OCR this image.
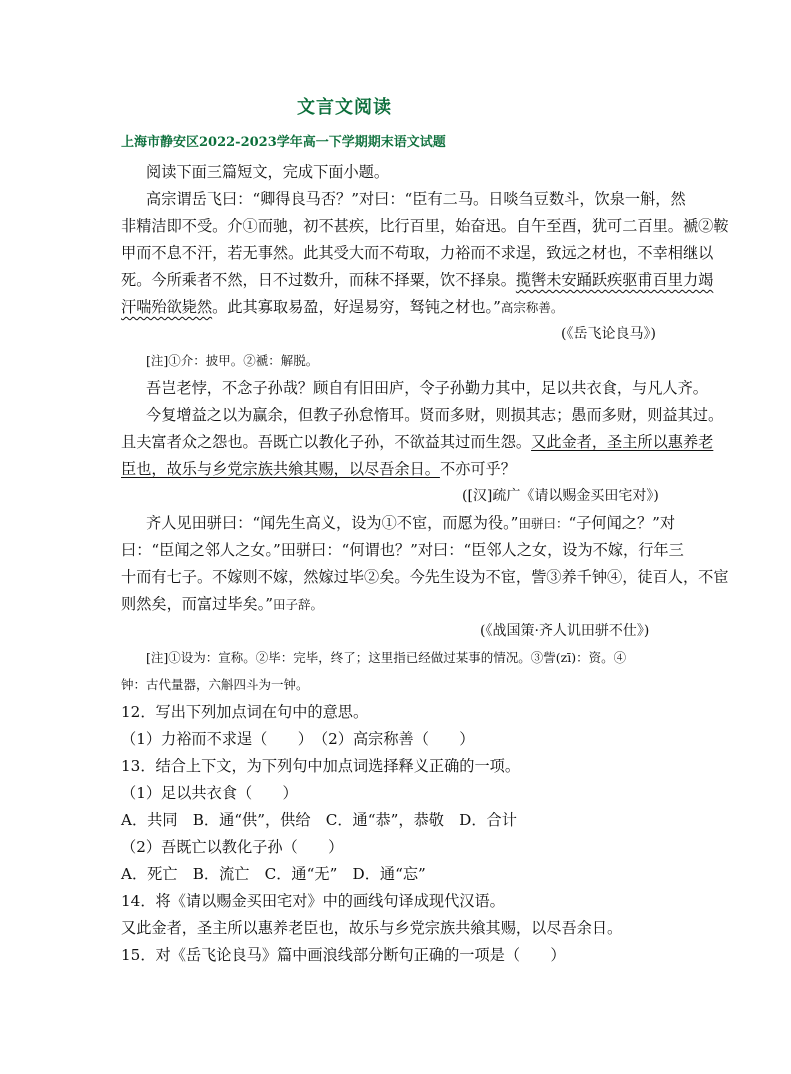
文言文阅读
上海市静安区2022-2023学年高一下学期期末语文试题
阅读下面三篇短文，完成下面小题。
高宗谓岳飞曰：“卿得良马否？”对曰：“臣有二马。日啖刍豆数斗，饮泉一斛，然
非精洁即不受。介①而驰，初不甚疾，比行百里，始奋迅。自午至酉，犹可二百里。褫②鞍
甲而不息不汗，若无事然。此其受大而不苟取，力裕而不求逞，致远之材也，不幸相继以
死。今所乘者不然，日不过数升，而秣不择粟，饮不择泉。揽辔未安踊跃疾驱甫百里力竭
汗喘殆欲毙然。此其寡取易盈，好逞易穷，驽钝之材也。”高宗称善。
(《岳飞论良马》)
[注]①介：披甲。②褫：解脱。
吾岂老悖，不念子孙哉？顾自有旧田庐，令子孙勤力其中，足以共衣食，与凡人齐。
今复增益之以为赢余，但教子孙怠惰耳。贤而多财，则损其志；愚而多财，则益其过。
且夫富者众之怨也。吾既亡以教化子孙，不欲益其过而生怨。又此金者，圣主所以惠养老
臣也，故乐与乡党宗族共飨其赐，以尽吾余日。不亦可乎？
([汉]疏广《请以赐金买田宅对》)
齐人见田骈曰：“闻先生高义，设为①不宦，而愿为役。”田骈曰：“子何闻之？”对
曰：“臣闻之邻人之女。”田骈曰：“何谓也？”对曰：“臣邻人之女，设为不嫁，行年三
十而有七子。不嫁则不嫁，然嫁过毕②矣。今先生设为不宦，訾③养千钟④，徒百人，不宦
则然矣，而富过毕矣。”田子辞。
(《战国策·齐人讥田骈不仕》)
[注]①设为：宣称。②毕：完毕，终了；这里指已经做过某事的情况。③訾(zī)：资。④
钟：古代量器，六斛四斗为一钟。
12．写出下列加点词在句中的意思。
（1）力裕而不求逞（　　）　（2）高宗称善（　　）
13．结合上下文，为下列句中加点词选择释义正确的一项。
（1）足以共衣食（　　）
A．共同　B．通“供”，供给　C．通“恭”，恭敬　D．合计
（2）吾既亡以教化子孙（　　）
A．死亡　B．流亡　C．通“无”　D．通“忘”
14．将《请以赐金买田宅对》中的画线句译成现代汉语。
又此金者，圣主所以惠养老臣也，故乐与乡党宗族共飨其赐，以尽吾余日。
15．对《岳飞论良马》篇中画浪线部分断句正确的一项是（　　）
